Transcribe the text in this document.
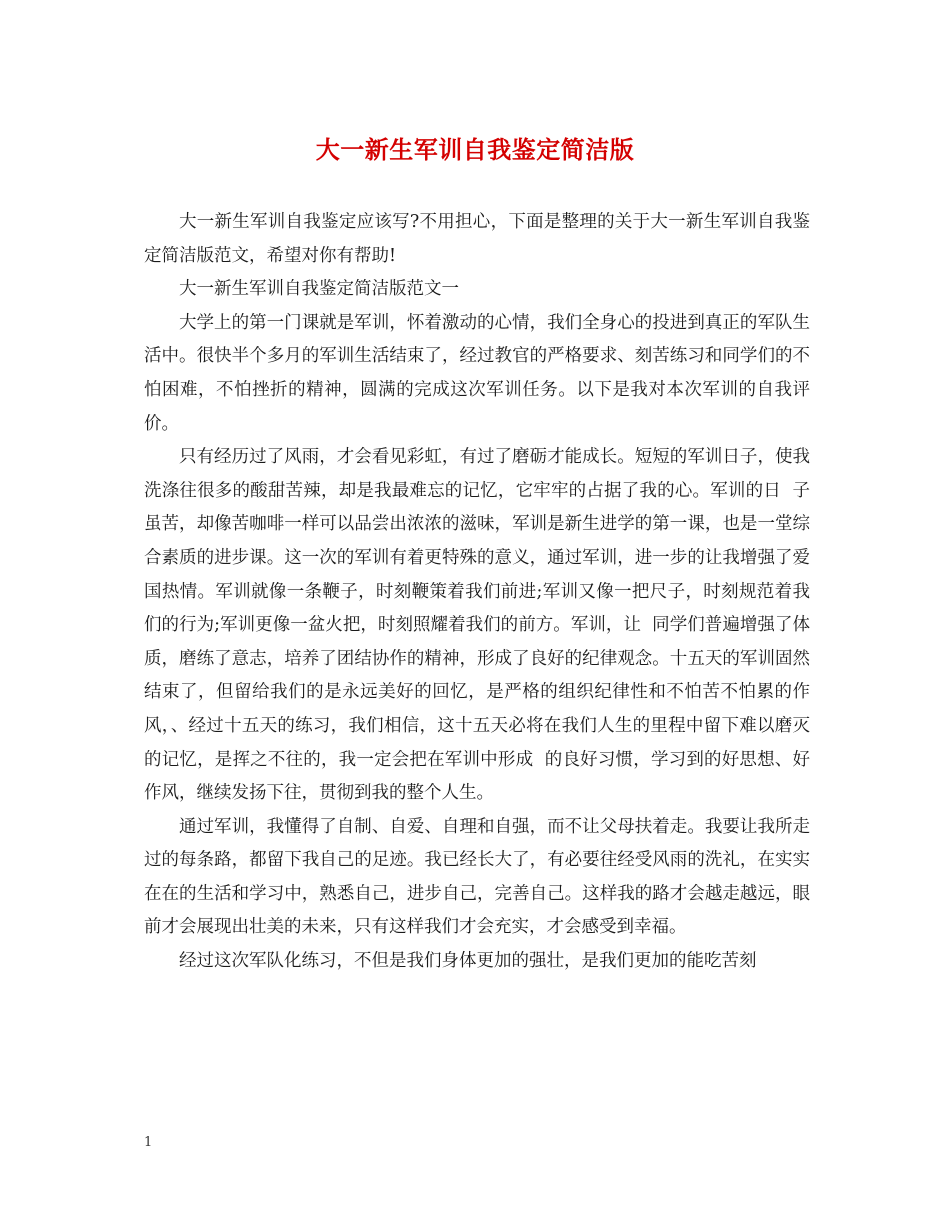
大一新生军训自我鉴定简洁版

大一新生军训自我鉴定应该写?不用担心，下面是整理的关于大一新生军训自我鉴定简洁版范文，希望对你有帮助!

大一新生军训自我鉴定简洁版范文一

大学上的第一门课就是军训，怀着激动的心情，我们全身心的投进到真正的军队生活中。很快半个多月的军训生活结束了，经过教官的严格要求、刻苦练习和同学们的不怕困难，不怕挫折的精神，圆满的完成这次军训任务。以下是我对本次军训的自我评价。

只有经历过了风雨，才会看见彩虹，有过了磨砺才能成长。短短的军训日子，使我洗涤往很多的酸甜苦辣，却是我最难忘的记忆，它牢牢的占据了我的心。军训的日  子虽苦，却像苦咖啡一样可以品尝出浓浓的滋味，军训是新生进学的第一课，也是一堂综合素质的进步课。这一次的军训有着更特殊的意义，通过军训，进一步的让我增强了爱国热情。军训就像一条鞭子，时刻鞭策着我们前进;军训又像一把尺子，时刻规范着我们的行为;军训更像一盆火把，时刻照耀着我们的前方。军训，让  同学们普遍增强了体质，磨练了意志，培养了团结协作的精神，形成了良好的纪律观念。十五天的军训固然结束了，但留给我们的是永远美好的回忆，是严格的组织纪律性和不怕苦不怕累的作风，、经过十五天的练习，我们相信，这十五天必将在我们人生的里程中留下难以磨灭的记忆，是挥之不往的，我一定会把在军训中形成  的良好习惯，学习到的好思想、好作风，继续发扬下往，贯彻到我的整个人生。

通过军训，我懂得了自制、自爱、自理和自强，而不让父母扶着走。我要让我所走过的每条路，都留下我自己的足迹。我已经长大了，有必要往经受风雨的洗礼，在实实在在的生活和学习中，熟悉自己，进步自己，完善自己。这样我的路才会越走越远，眼前才会展现出壮美的未来，只有这样我们才会充实，才会感受到幸福。

经过这次军队化练习，不但是我们身体更加的强壮，是我们更加的能吃苦刻

1
